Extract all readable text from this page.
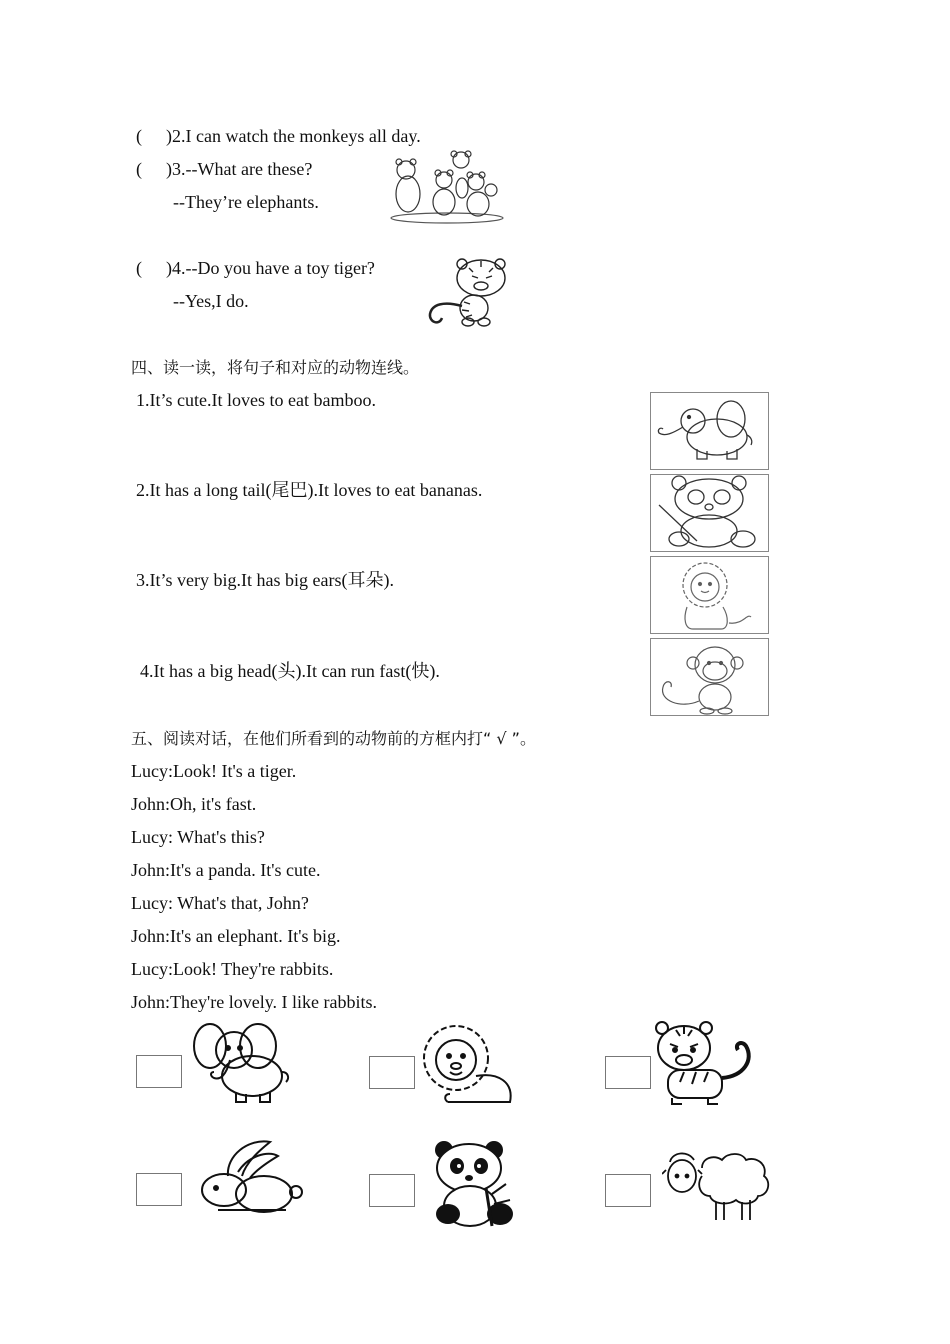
( )2.I can watch the monkeys all day.
( )3.--What are these?
--They’re elephants.
( )4.--Do you have a toy tiger?
--Yes,I do.
四、读一读，将句子和对应的动物连线。
1.It’s cute.It loves to eat bamboo.
2.It has a long tail(尾巴).It loves to eat bananas.
3.It’s very big.It has big ears(耳朵).
4.It has a big head(头).It can run fast(快).
五、阅读对话，在他们所看到的动物前的方框内打“ √ ”。
Lucy:Look! It's a tiger.
John:Oh, it's fast.
Lucy: What's this?
John:It's a panda. It's cute.
Lucy: What's that, John?
John:It's an elephant. It's big.
Lucy:Look! They're rabbits.
John:They're lovely. I like rabbits.
